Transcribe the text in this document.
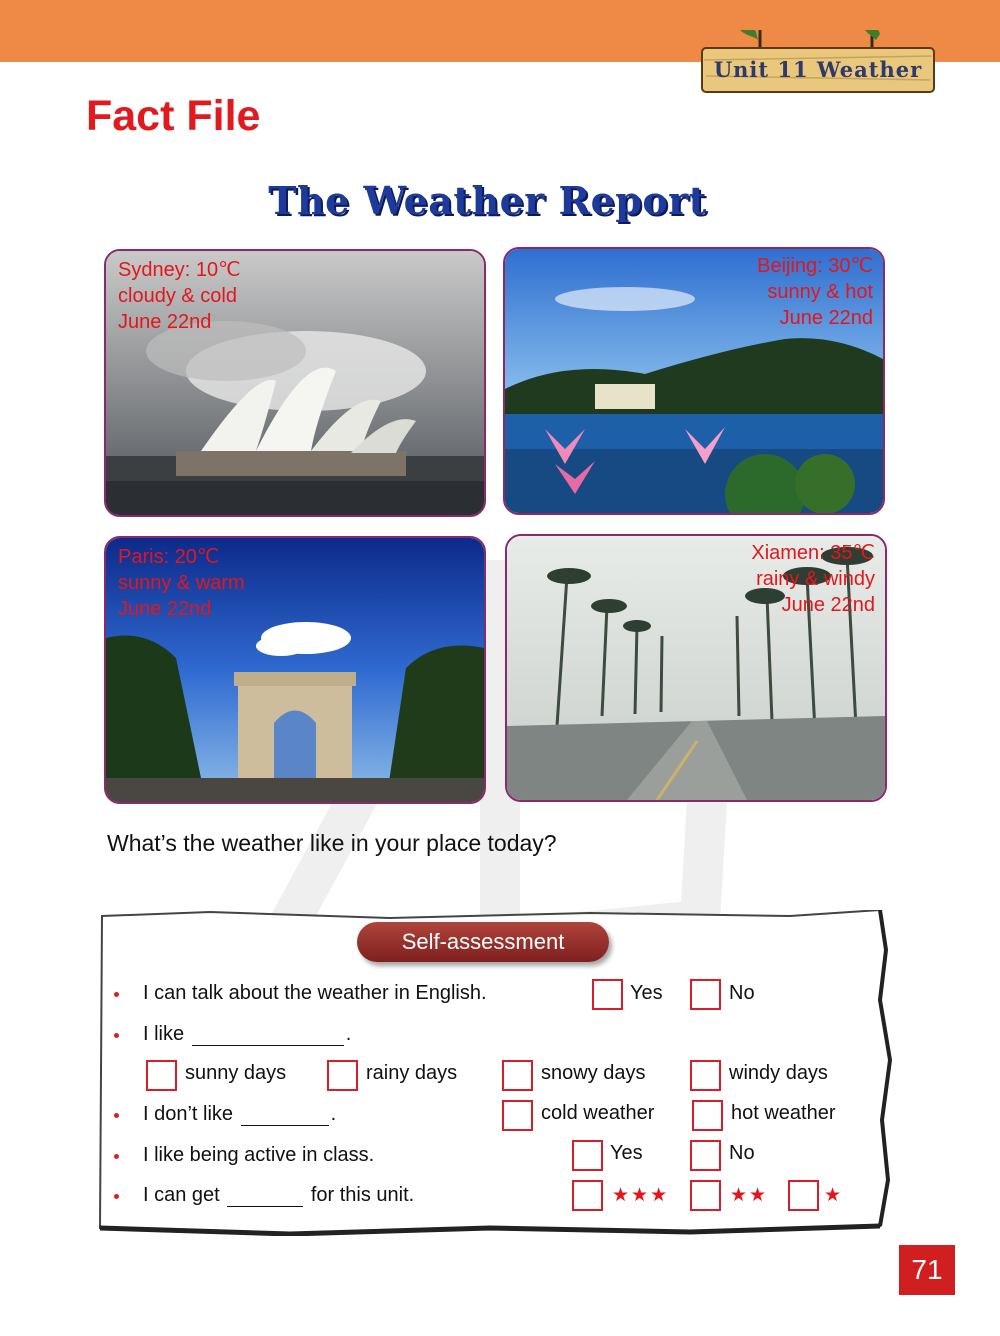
Unit 11 Weather
Fact File
The Weather Report
Sydney: 10℃
cloudy & cold
June 22nd
Beijing: 30℃
sunny & hot
June 22nd
Paris: 20℃
sunny & warm
June 22nd
Xiamen: 35℃
rainy & windy
June 22nd
What’s the weather like in your place today?
Self-assessment
I can talk about the weather in English.	Yes	No
I like	.
sunny days	rainy days	snowy days	windy days
I don’t like	.	cold weather	hot weather
I like being active in class.	Yes	No
I can get	for this unit.	★★★	★★	★
71
